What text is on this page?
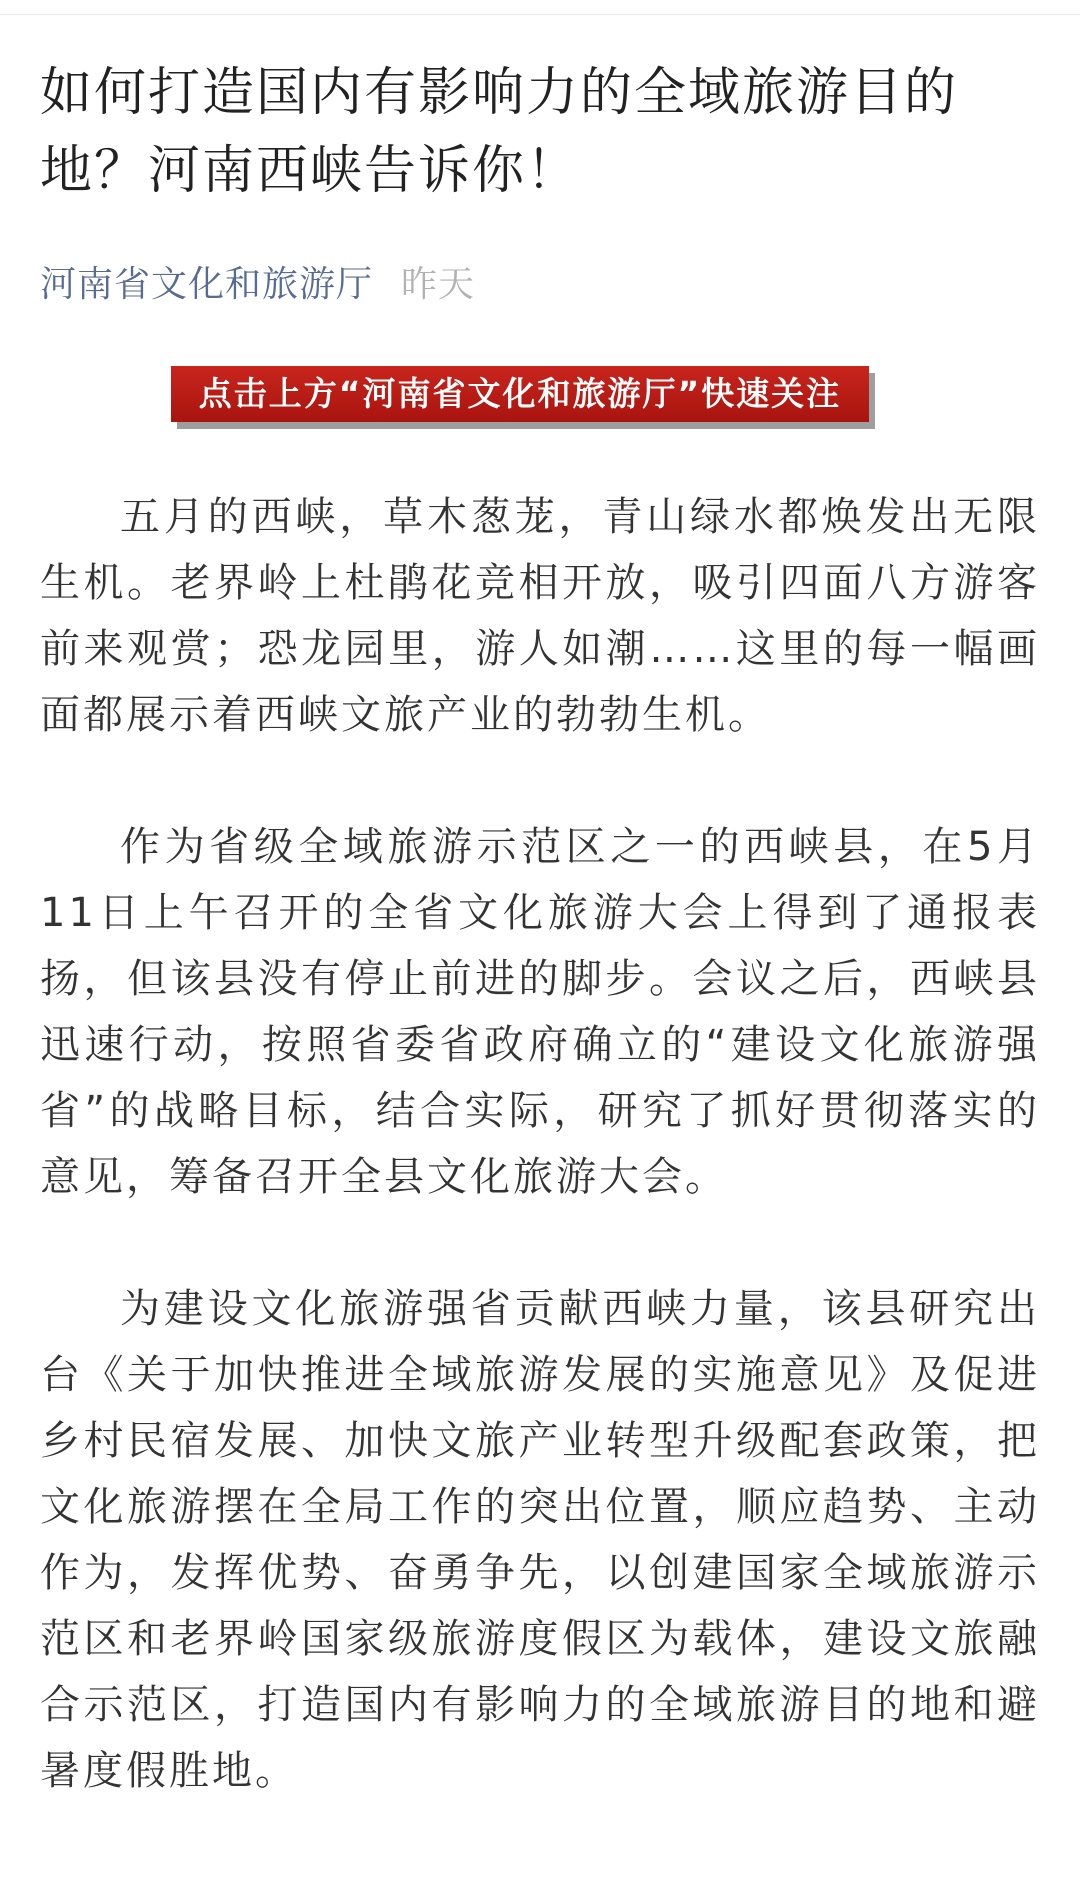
如何打造国内有影响力的全域旅游目的地？河南西峡告诉你！
河南省文化和旅游厅 昨天
点击上方“河南省文化和旅游厅”快速关注

五月的西峡，草木葱茏，青山绿水都焕发出无限生机。老界岭上杜鹃花竞相开放，吸引四面八方游客前来观赏；恐龙园里，游人如潮……这里的每一幅画面都展示着西峡文旅产业的勃勃生机。

作为省级全域旅游示范区之一的西峡县，在5月11日上午召开的全省文化旅游大会上得到了通报表扬，但该县没有停止前进的脚步。会议之后，西峡县迅速行动，按照省委省政府确立的“建设文化旅游强省”的战略目标，结合实际，研究了抓好贯彻落实的意见，筹备召开全县文化旅游大会。

为建设文化旅游强省贡献西峡力量，该县研究出台《关于加快推进全域旅游发展的实施意见》及促进乡村民宿发展、加快文旅产业转型升级配套政策，把文化旅游摆在全局工作的突出位置，顺应趋势、主动作为，发挥优势、奋勇争先，以创建国家全域旅游示范区和老界岭国家级旅游度假区为载体，建设文旅融合示范区，打造国内有影响力的全域旅游目的地和避暑度假胜地。
